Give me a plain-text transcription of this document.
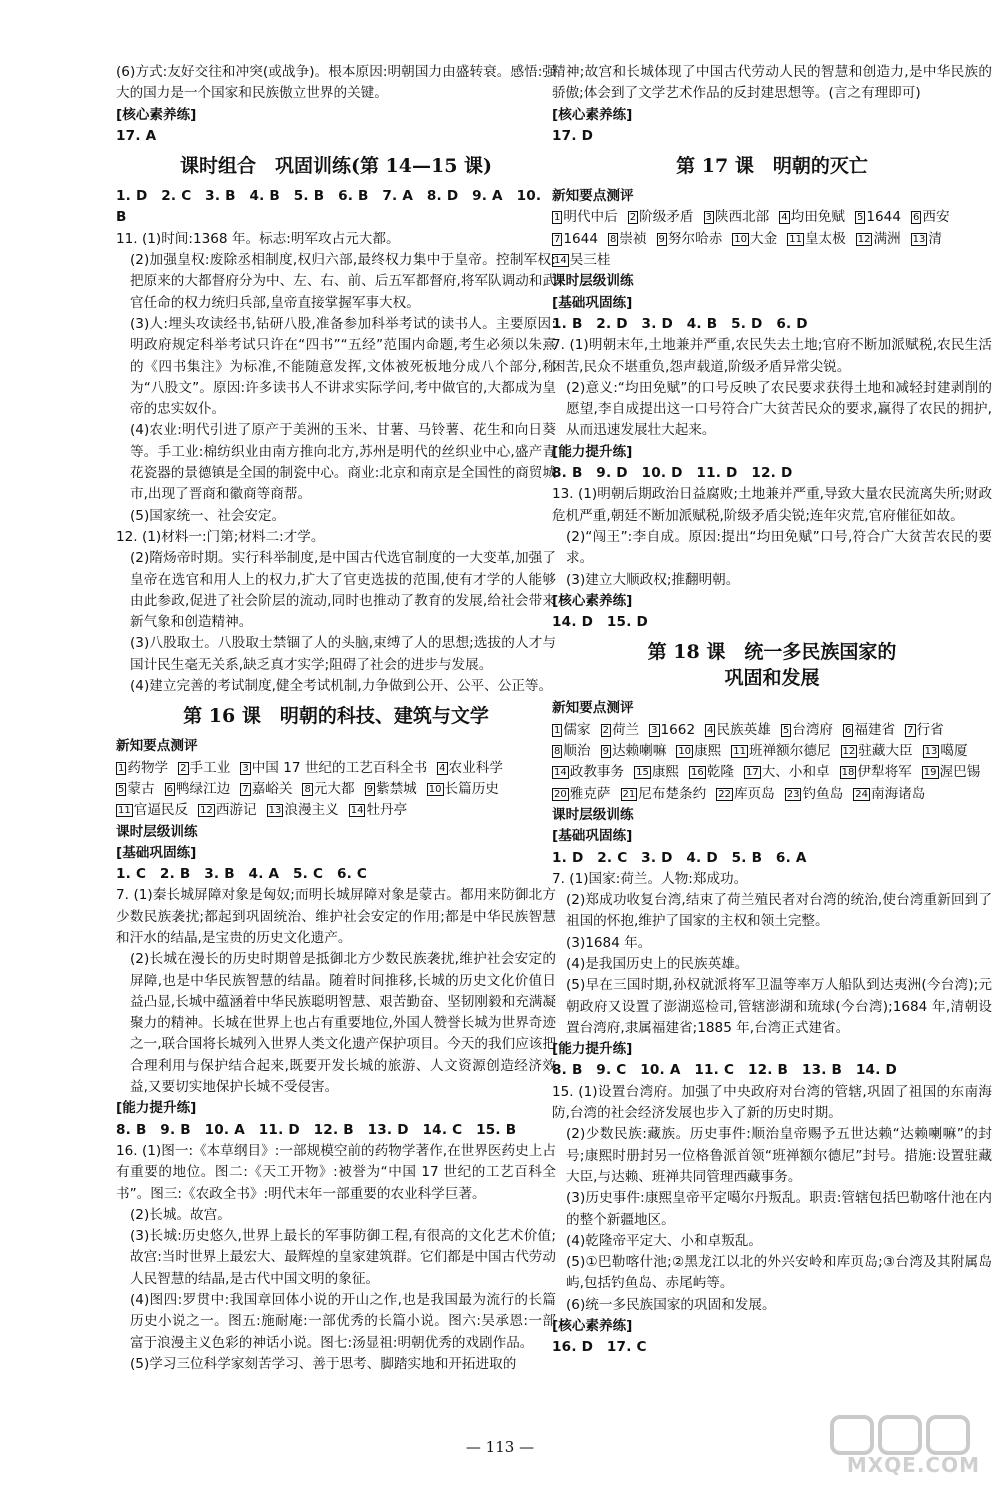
(6)方式:友好交往和冲突(或战争)。根本原因:明朝国力由盛转衰。感悟:强大的国力是一个国家和民族傲立世界的关键。
[核心素养练]
17. A
课时组合　巩固训练(第 14—15 课)
1. D　2. C　3. B　4. B　5. B　6. B　7. A　8. D　9. A　10. B
11. (1)时间:1368 年。标志:明军攻占元大都。
(2)加强皇权:废除丞相制度,权归六部,最终权力集中于皇帝。控制军权:把原来的大都督府分为中、左、右、前、后五军都督府,将军队调动和武官任命的权力统归兵部,皇帝直接掌握军事大权。
(3)人:埋头攻读经书,钻研八股,准备参加科举考试的读书人。主要原因:明政府规定科举考试只许在“四书”“五经”范围内命题,考生必须以朱熹的《四书集注》为标准,不能随意发挥,文体被死板地分成八个部分,称为“八股文”。原因:许多读书人不讲求实际学问,考中做官的,大都成为皇帝的忠实奴仆。
(4)农业:明代引进了原产于美洲的玉米、甘薯、马铃薯、花生和向日葵等。手工业:棉纺织业由南方推向北方,苏州是明代的丝织业中心,盛产青花瓷器的景德镇是全国的制瓷中心。商业:北京和南京是全国性的商贸城市,出现了晋商和徽商等商帮。
(5)国家统一、社会安定。
12. (1)材料一:门第;材料二:才学。
(2)隋炀帝时期。实行科举制度,是中国古代选官制度的一大变革,加强了皇帝在选官和用人上的权力,扩大了官吏选拔的范围,使有才学的人能够由此参政,促进了社会阶层的流动,同时也推动了教育的发展,给社会带来新气象和创造精神。
(3)八股取士。八股取士禁锢了人的头脑,束缚了人的思想;选拔的人才与国计民生毫无关系,缺乏真才实学;阻碍了社会的进步与发展。
(4)建立完善的考试制度,健全考试机制,力争做到公开、公平、公正等。
第 16 课　明朝的科技、建筑与文学
新知要点测评
1 药物学 2 手工业 3 中国 17 世纪的工艺百科全书 4 农业科学
5 蒙古 6 鸭绿江边 7 嘉峪关 8 元大都 9 紫禁城 10 长篇历史
11 官逼民反 12 西游记 13 浪漫主义 14 牡丹亭
课时层级训练
[基础巩固练]
1. C　2. B　3. B　4. A　5. C　6. C
7. (1)秦长城屏障对象是匈奴;而明长城屏障对象是蒙古。都用来防御北方少数民族袭扰;都起到巩固统治、维护社会安定的作用;都是中华民族智慧和汗水的结晶,是宝贵的历史文化遗产。
(2)长城在漫长的历史时期曾是抵御北方少数民族袭扰,维护社会安定的屏障,也是中华民族智慧的结晶。随着时间推移,长城的历史文化价值日益凸显,长城中蕴涵着中华民族聪明智慧、艰苦勤奋、坚韧刚毅和充满凝聚力的精神。长城在世界上也占有重要地位,外国人赞誉长城为世界奇迹之一,联合国将长城列入世界人类文化遗产保护项目。今天的我们应该把合理利用与保护结合起来,既要开发长城的旅游、人文资源创造经济效益,又要切实地保护长城不受侵害。
[能力提升练]
8. B　9. B　10. A　11. D　12. B　13. D　14. C　15. B
16. (1)图一:《本草纲目》:一部规模空前的药物学著作,在世界医药史上占有重要的地位。图二:《天工开物》:被誉为“中国 17 世纪的工艺百科全书”。图三:《农政全书》:明代末年一部重要的农业科学巨著。
(2)长城。故宫。
(3)长城:历史悠久,世界上最长的军事防御工程,有很高的文化艺术价值;故宫:当时世界上最宏大、最辉煌的皇家建筑群。它们都是中国古代劳动人民智慧的结晶,是古代中国文明的象征。
(4)图四:罗贯中:我国章回体小说的开山之作,也是我国最为流行的长篇历史小说之一。图五:施耐庵:一部优秀的长篇小说。图六:吴承恩:一部富于浪漫主义色彩的神话小说。图七:汤显祖:明朝优秀的戏剧作品。
(5)学习三位科学家刻苦学习、善于思考、脚踏实地和开拓进取的
精神;故宫和长城体现了中国古代劳动人民的智慧和创造力,是中华民族的骄傲;体会到了文学艺术作品的反封建思想等。(言之有理即可)
[核心素养练]
17. D
第 17 课　明朝的灭亡
新知要点测评
1 明代中后 2 阶级矛盾 3 陕西北部 4 均田免赋 5 1644 6 西安
7 1644 8 崇祯 9 努尔哈赤 10 大金 11 皇太极 12 满洲 13 清
14 吴三桂
课时层级训练
[基础巩固练]
1. B　2. D　3. D　4. B　5. D　6. D
7. (1)明朝末年,土地兼并严重,农民失去土地;官府不断加派赋税,农民生活困苦,民众不堪重负,怨声载道,阶级矛盾异常尖锐。
(2)意义:“均田免赋”的口号反映了农民要求获得土地和减轻封建剥削的愿望,李自成提出这一口号符合广大贫苦民众的要求,赢得了农民的拥护,从而迅速发展壮大起来。
[能力提升练]
8. B　9. D　10. D　11. D　12. D
13. (1)明朝后期政治日益腐败;土地兼并严重,导致大量农民流离失所;财政危机严重,朝廷不断加派赋税,阶级矛盾尖锐;连年灾荒,官府催征如故。
(2)“闯王”:李自成。原因:提出“均田免赋”口号,符合广大贫苦农民的要求。
(3)建立大顺政权;推翻明朝。
[核心素养练]
14. D　15. D
第 18 课　统一多民族国家的
巩固和发展
新知要点测评
1 儒家 2 荷兰 3 1662 4 民族英雄 5 台湾府 6 福建省 7 行省
8 顺治 9 达赖喇嘛 10 康熙 11 班禅额尔德尼 12 驻藏大臣 13 噶厦
14 政教事务 15 康熙 16 乾隆 17 大、小和卓 18 伊犁将军 19 渥巴锡
20 雅克萨 21 尼布楚条约 22 库页岛 23 钓鱼岛 24 南海诸岛
课时层级训练
[基础巩固练]
1. D　2. C　3. D　4. D　5. B　6. A
7. (1)国家:荷兰。人物:郑成功。
(2)郑成功收复台湾,结束了荷兰殖民者对台湾的统治,使台湾重新回到了祖国的怀抱,维护了国家的主权和领土完整。
(3)1684 年。
(4)是我国历史上的民族英雄。
(5)早在三国时期,孙权就派将军卫温等率万人船队到达夷洲(今台湾);元朝政府又设置了澎湖巡检司,管辖澎湖和琉球(今台湾);1684 年,清朝设置台湾府,隶属福建省;1885 年,台湾正式建省。
[能力提升练]
8. B　9. C　10. A　11. C　12. B　13. B　14. D
15. (1)设置台湾府。加强了中央政府对台湾的管辖,巩固了祖国的东南海防,台湾的社会经济发展也步入了新的历史时期。
(2)少数民族:藏族。历史事件:顺治皇帝赐予五世达赖“达赖喇嘛”的封号;康熙时册封另一位格鲁派首领“班禅额尔德尼”封号。措施:设置驻藏大臣,与达赖、班禅共同管理西藏事务。
(3)历史事件:康熙皇帝平定噶尔丹叛乱。职责:管辖包括巴勒喀什池在内的整个新疆地区。
(4)乾隆帝平定大、小和卓叛乱。
(5)①巴勒喀什池;②黑龙江以北的外兴安岭和库页岛;③台湾及其附属岛屿,包括钓鱼岛、赤尾屿等。
(6)统一多民族国家的巩固和发展。
[核心素养练]
16. D　17. C
— 113 —
MXQE.COM
